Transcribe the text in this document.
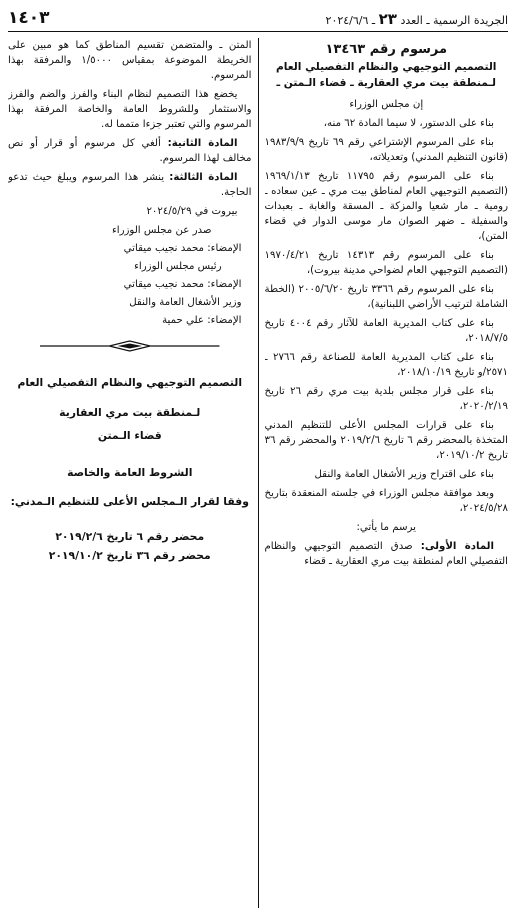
الجريدة الرسمية ـ العدد ٢٣ ـ ٢٠٢٤/٦/٦
١٤٠٣
مرسوم رقم ١٣٤٦٣
التصميم التوجيهي والنظام التفصيلي العام
لـمنطقة بيت مري العقارية ـ قضاء الـمتن ـ

إن مجلس الوزراء

بناء على الدستور، لا سيما المادة ٦٢ منه،

بناء على المرسوم الإشتراعي رقم ٦٩ تاريخ ١٩٨٣/٩/٩ (قانون التنظيم المدني) وتعديلاته،

بناء على المرسوم رقم ١١٧٩٥ تاريخ ١٩٦٩/١/١٣ (التصميم التوجيهي العام لمناطق بيت مري ـ عين سعاده ـ رومية ـ مار شعيا والمزكة ـ المسقة والغابة ـ بعبدات والسفيلة ـ ضهر الصوان مار موسى الدوار في قضاء المتن)،

بناء على المرسوم رقم ١٤٣١٣ تاريخ ١٩٧٠/٤/٢١ (التصميم التوجيهي العام لضواحي مدينة بيروت)،

بناء على المرسوم رقم ٣٣٦٦ تاريخ ٢٠٠٥/٦/٢٠ (الخطة الشاملة لترتيب الأراضي اللبنانية)،

بناء على كتاب المديرية العامة للآثار رقم ٤٠٠٤ تاريخ ٢٠١٨/٧/٥،

بناء على كتاب المديرية العامة للصناعة رقم ٢٧٦٦ ـ ٢٥٧١/و تاريخ ٢٠١٨/١٠/١٩،

بناء على قرار مجلس بلدية بيت مري رقم ٢٦ تاريخ ٢٠٢٠/٢/١٩،

بناء على قرارات المجلس الأعلى للتنظيم المدني المتخذة بالمحضر رقم ٦ تاريخ ٢٠١٩/٢/٦ والمحضر رقم ٣٦ تاريخ ٢٠١٩/١٠/٢،

بناء على اقتراح وزير الأشغال العامة والنقل

وبعد موافقة مجلس الوزراء في جلسته المنعقدة بتاريخ ٢٠٢٤/٥/٢٨،

يرسم ما يأتي:

المادة الأولى: صدق التصميم التوجيهي والنظام التفصيلي العام لمنطقة بيت مري العقارية ـ قضاء

المتن ـ والمتضمن تقسيم المناطق كما هو مبين على الخريطة الموضوعة بمقياس ١/٥٠٠٠ والمرفقة بهذا المرسوم.

يخضع هذا التصميم لنظام البناء والفرز والضم والفرز والاستثمار وللشروط العامة والخاصة المرفقة بهذا المرسوم والتي تعتبر جزءا متمما له.

المادة الثانية: ألغي كل مرسوم أو قرار أو نص مخالف لهذا المرسوم.

المادة الثالثة: ينشر هذا المرسوم ويبلغ حيث تدعو الحاجة.

بيروت في ٢٠٢٤/٥/٢٩

صدر عن مجلس الوزراء

الإمضاء: محمد نجيب ميقاتي

رئيس مجلس الوزراء

الإمضاء: محمد نجيب ميقاتي

وزير الأشغال العامة والنقل

الإمضاء: علي حمية

التصميم التوجيهي والنظام التفصيلي العام
لـمنطقة بيت مري العقارية
قضاء الـمتن
الشروط العامة والخاصة
وفقا لقرار الـمجلس الأعلى للتنظيم الـمدني:
محضر رقم ٦ تاريخ ٢٠١٩/٢/٦
محضر رقم ٣٦ تاريخ ٢٠١٩/١٠/٢
